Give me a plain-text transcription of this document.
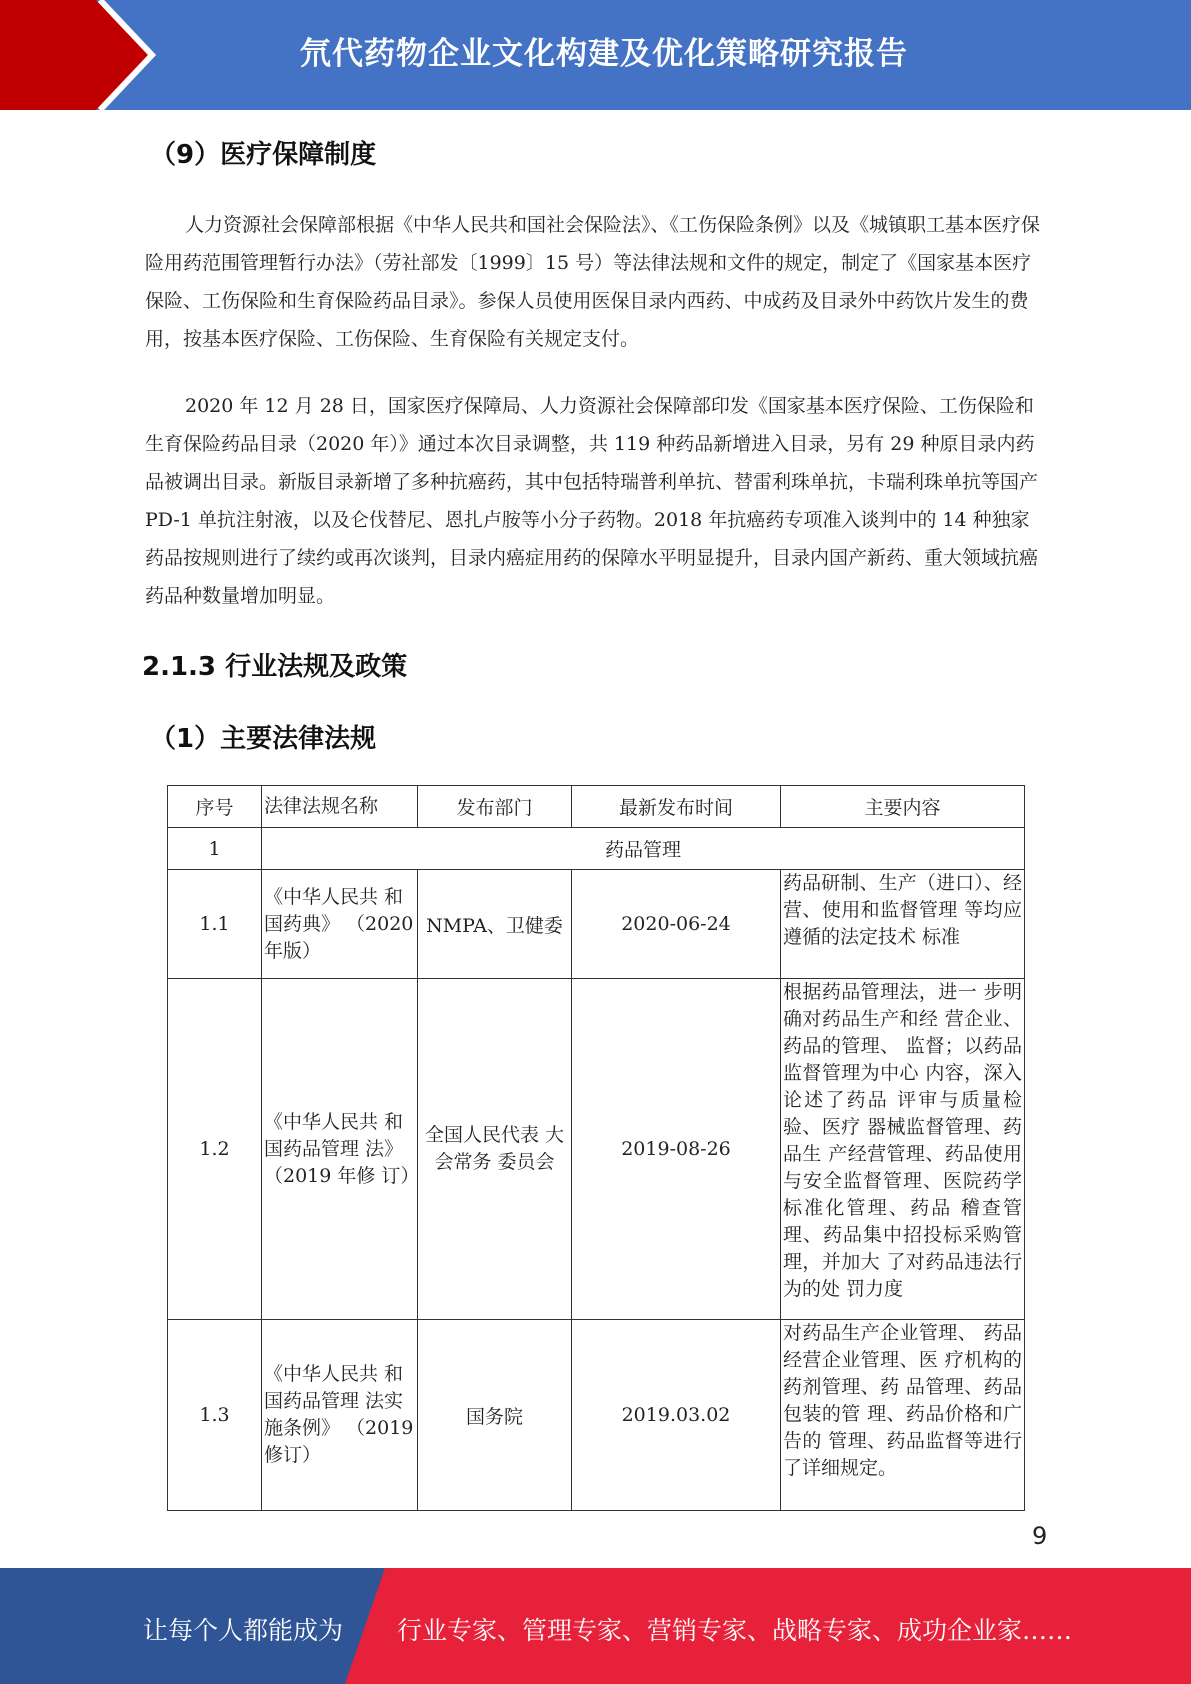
氘代药物企业文化构建及优化策略研究报告
（9）医疗保障制度
人力资源社会保障部根据《中华人民共和国社会保险法》、《工伤保险条例》以及《城镇职工基本医疗保险用药范围管理暂行办法》（劳社部发〔1999〕15 号）等法律法规和文件的规定，制定了《国家基本医疗保险、工伤保险和生育保险药品目录》。参保人员使用医保目录内西药、中成药及目录外中药饮片发生的费用，按基本医疗保险、工伤保险、生育保险有关规定支付。
2020 年 12 月 28 日，国家医疗保障局、人力资源社会保障部印发《国家基本医疗保险、工伤保险和生育保险药品目录（2020 年）》通过本次目录调整，共 119 种药品新增进入目录，另有 29 种原目录内药品被调出目录。新版目录新增了多种抗癌药，其中包括特瑞普利单抗、替雷利珠单抗，卡瑞利珠单抗等国产 PD-1 单抗注射液，以及仑伐替尼、恩扎卢胺等小分子药物。2018 年抗癌药专项准入谈判中的 14 种独家药品按规则进行了续约或再次谈判，目录内癌症用药的保障水平明显提升，目录内国产新药、重大领域抗癌药品种数量增加明显。
2.1.3 行业法规及政策
（1）主要法律法规
序号	法律法规名称	发布部门	最新发布时间	主要内容
1	药品管理			
1.1	《中华人民共 和国药典》 （2020 年版）	NMPA、卫健委	2020-06-24	药品研制、生产（进口）、经营、使用和监督管理 等均应遵循的法定技术 标准
1.2	《中华人民共 和国药品管理 法》（2019 年修 订）	全国人民代表 大会常务 委员会	2019-08-26	根据药品管理法，进一 步明确对药品生产和经 营企业、药品的管理、 监督；以药品监督管理为中心 内容，深入论述了药品 评审与质量检验、医疗 器械监督管理、药品生 产经营管理、药品使用 与安全监督管理、医院药学标准化管理、药品 稽查管理、药品集中招投标采购管理，并加大 了对药品违法行为的处 罚力度
1.3	《中华人民共 和国药品管理 法实施条例》 （2019 修订）	国务院	2019.03.02	对药品生产企业管理、 药品经营企业管理、医 疗机构的药剂管理、药 品管理、药品包装的管 理、药品价格和广告的 管理、药品监督等进行 了详细规定。
9
让每个人都能成为 行业专家、管理专家、营销专家、战略专家、成功企业家……
